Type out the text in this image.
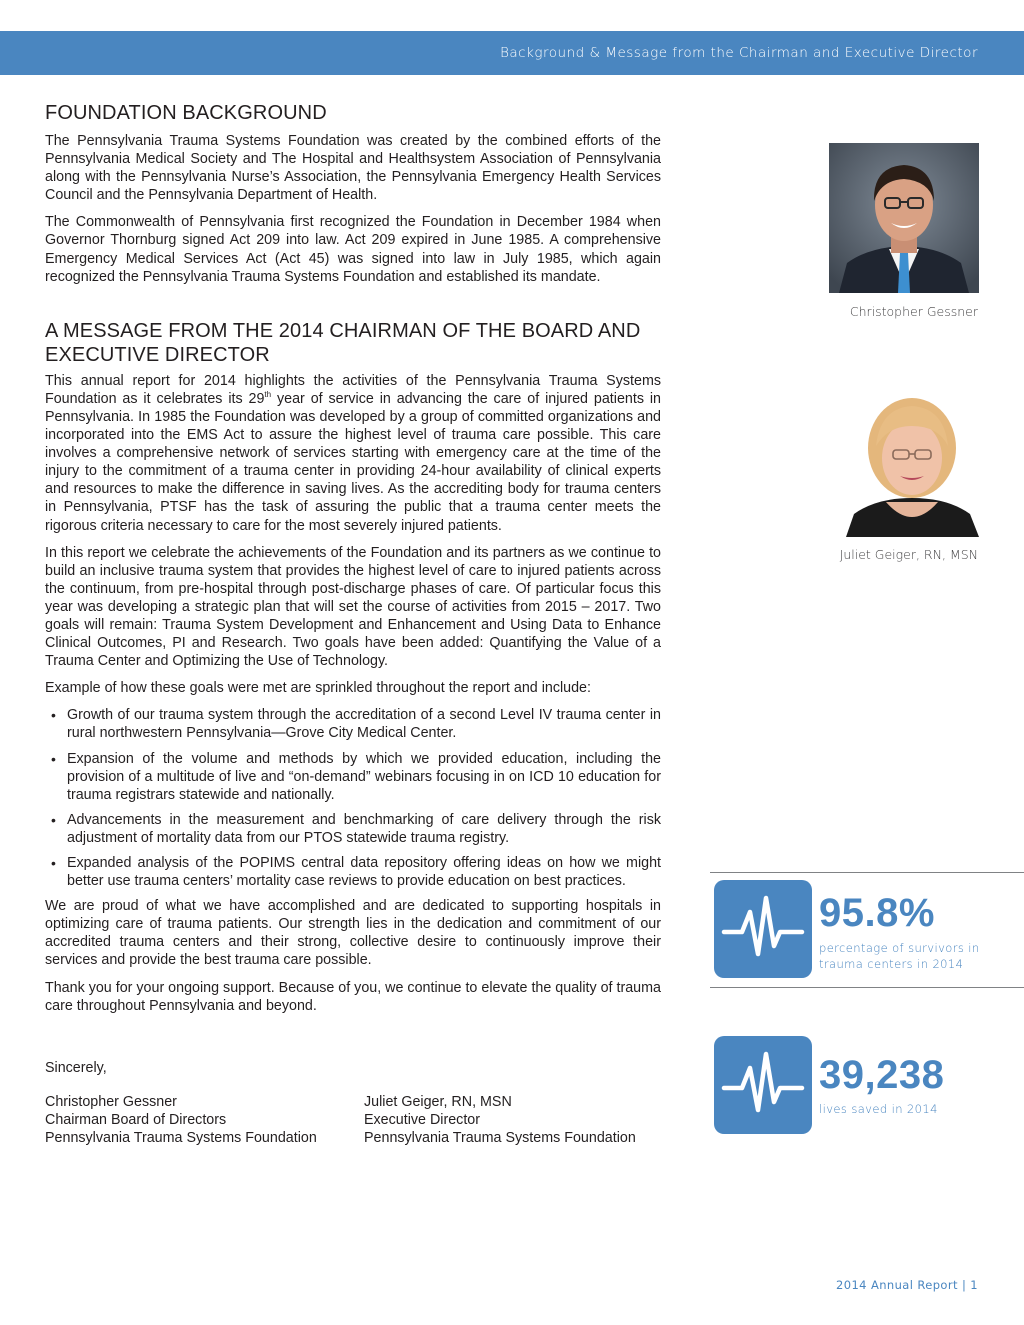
Background & Message from the Chairman and Executive Director
FOUNDATION BACKGROUND

The Pennsylvania Trauma Systems Foundation was created by the combined efforts of the Pennsylvania Medical Society and The Hospital and Healthsystem Association of Pennsylvania along with the Pennsylvania Nurse’s Association, the Pennsylvania Emergency Health Services Council and the Pennsylvania Department of Health.

The Commonwealth of Pennsylvania first recognized the Foundation in December 1984 when Governor Thornburg signed Act 209 into law. Act 209 expired in June 1985. A comprehensive Emergency Medical Services Act (Act 45) was signed into law in July 1985, which again recognized the Pennsylvania Trauma Systems Foundation and established its mandate.

A MESSAGE FROM THE 2014 CHAIRMAN OF THE BOARD AND EXECUTIVE DIRECTOR

This annual report for 2014 highlights the activities of the Pennsylvania Trauma Systems Foundation as it celebrates its 29th year of service in advancing the care of injured patients in Pennsylvania. In 1985 the Foundation was developed by a group of committed organizations and incorporated into the EMS Act to assure the highest level of trauma care possible. This care involves a comprehensive network of services starting with emergency care at the time of the injury to the commitment of a trauma center in providing 24-hour availability of clinical experts and resources to make the difference in saving lives. As the accrediting body for trauma centers in Pennsylvania, PTSF has the task of assuring the public that a trauma center meets the rigorous criteria necessary to care for the most severely injured patients.

In this report we celebrate the achievements of the Foundation and its partners as we continue to build an inclusive trauma system that provides the highest level of care to injured patients across the continuum, from pre-hospital through post-discharge phases of care. Of particular focus this year was developing a strategic plan that will set the course of activities from 2015 – 2017. Two goals will remain: Trauma System Development and Enhancement and Using Data to Enhance Clinical Outcomes, PI and Research. Two goals have been added: Quantifying the Value of a Trauma Center and Optimizing the Use of Technology.

Example of how these goals were met are sprinkled throughout the report and include:

• Growth of our trauma system through the accreditation of a second Level IV trauma center in rural northwestern Pennsylvania—Grove City Medical Center.
• Expansion of the volume and methods by which we provided education, including the provision of a multitude of live and “on-demand” webinars focusing in on ICD 10 education for trauma registrars statewide and nationally.
• Advancements in the measurement and benchmarking of care delivery through the risk adjustment of mortality data from our PTOS statewide trauma registry.
• Expanded analysis of the POPIMS central data repository offering ideas on how we might better use trauma centers’ mortality case reviews to provide education on best practices.

We are proud of what we have accomplished and are dedicated to supporting hospitals in optimizing care of trauma patients. Our strength lies in the dedication and commitment of our accredited trauma centers and their strong, collective desire to continuously improve their services and provide the best trauma care possible.

Thank you for your ongoing support. Because of you, we continue to elevate the quality of trauma care throughout Pennsylvania and beyond.

Sincerely,
Christopher Gessner
Chairman Board of Directors
Pennsylvania Trauma Systems Foundation
Juliet Geiger, RN, MSN
Executive Director
Pennsylvania Trauma Systems Foundation
Christopher Gessner
Juliet Geiger, RN, MSN
95.8%
percentage of survivors in trauma centers in 2014
39,238
lives saved in 2014
2014 Annual Report | 1
